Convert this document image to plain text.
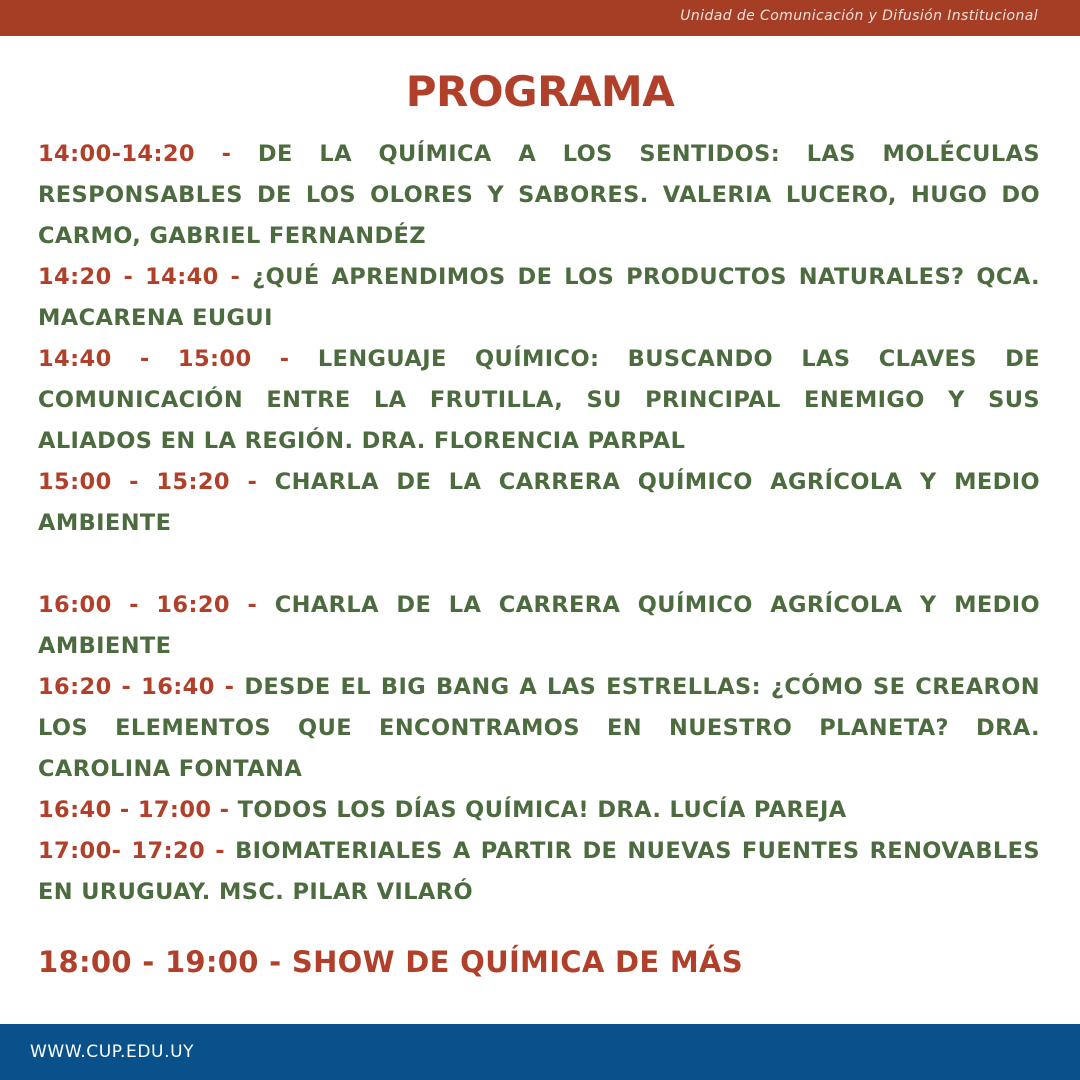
Unidad de Comunicación y Difusión Institucional
PROGRAMA
14:00-14:20 - DE LA QUÍMICA A LOS SENTIDOS: LAS MOLÉCULAS RESPONSABLES DE LOS OLORES Y SABORES. VALERIA LUCERO, HUGO DO CARMO, GABRIEL FERNANDÉZ
14:20 - 14:40 - ¿QUÉ APRENDIMOS DE LOS PRODUCTOS NATURALES? QCA. MACARENA EUGUI
14:40 - 15:00 - LENGUAJE QUÍMICO: BUSCANDO LAS CLAVES DE COMUNICACIÓN ENTRE LA FRUTILLA, SU PRINCIPAL ENEMIGO Y SUS ALIADOS EN LA REGIÓN. DRA. FLORENCIA PARPAL
15:00 - 15:20 - CHARLA DE LA CARRERA QUÍMICO AGRÍCOLA Y MEDIO AMBIENTE
16:00 - 16:20 - CHARLA DE LA CARRERA QUÍMICO AGRÍCOLA Y MEDIO AMBIENTE
16:20 - 16:40 - DESDE EL BIG BANG A LAS ESTRELLAS: ¿CÓMO SE CREARON LOS ELEMENTOS QUE ENCONTRAMOS EN NUESTRO PLANETA? DRA. CAROLINA FONTANA
16:40 - 17:00 - TODOS LOS DÍAS QUÍMICA! DRA. LUCÍA PAREJA
17:00- 17:20 - BIOMATERIALES A PARTIR DE NUEVAS FUENTES RENOVABLES EN URUGUAY. MSC. PILAR VILARÓ
18:00 - 19:00 - SHOW DE QUÍMICA DE MÁS
WWW.CUP.EDU.UY
